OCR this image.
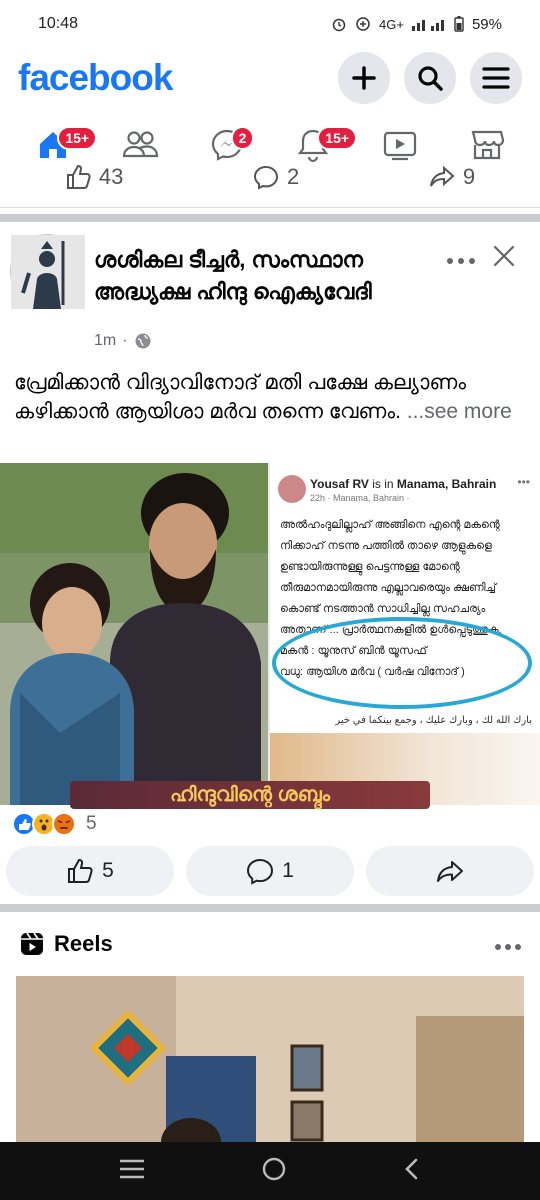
10:48	4G+	59%
facebook
15+	2	15+
43	2	9
ശശികല ടീച്ചർ, സംസ്ഥാന അദ്ധ്യക്ഷ ഹിന്ദു ഐക്യവേദി
1m ·
പ്രേമിക്കാൻ വിദ്യാവിനോദ് മതി പക്ഷേ കല്യാണം കഴിക്കാൻ ആയിശാ മർവ തന്നെ വേണം. ...see more
Yousaf RV is in Manama, Bahrain
22h · Manama, Bahrain ·
•••
അൽഹംദുലില്ലാഹ് അങ്ങിനെ എന്റെ മകന്റെ നിക്കാഹ് നടന്നു പത്തിൽ താഴെ ആളുകളെ ഉണ്ടായിരുന്നുള്ളു പെട്ടന്നുള്ള മോന്റെ തീരുമാനമായിരുന്നു എല്ലാവരെയും ക്ഷണിച്ച് കൊണ്ട് നടത്താൻ സാധിച്ചില്ല സഹചര്യം അതാണ് ... പ്രാർത്ഥനകളിൽ ഉൾപ്പെടുത്തുക.
മകൻ : യൂനുസ് ബിൻ യൂസഫ്
വധു: ആയിശ മർവ ( വർഷ വിനോദ് )
بارك الله لك ، وبارك عليك ، وجمع بينكما في خير
ഹിന്ദുവിന്റെ ശബ്ദം
5
5	1
Reels
